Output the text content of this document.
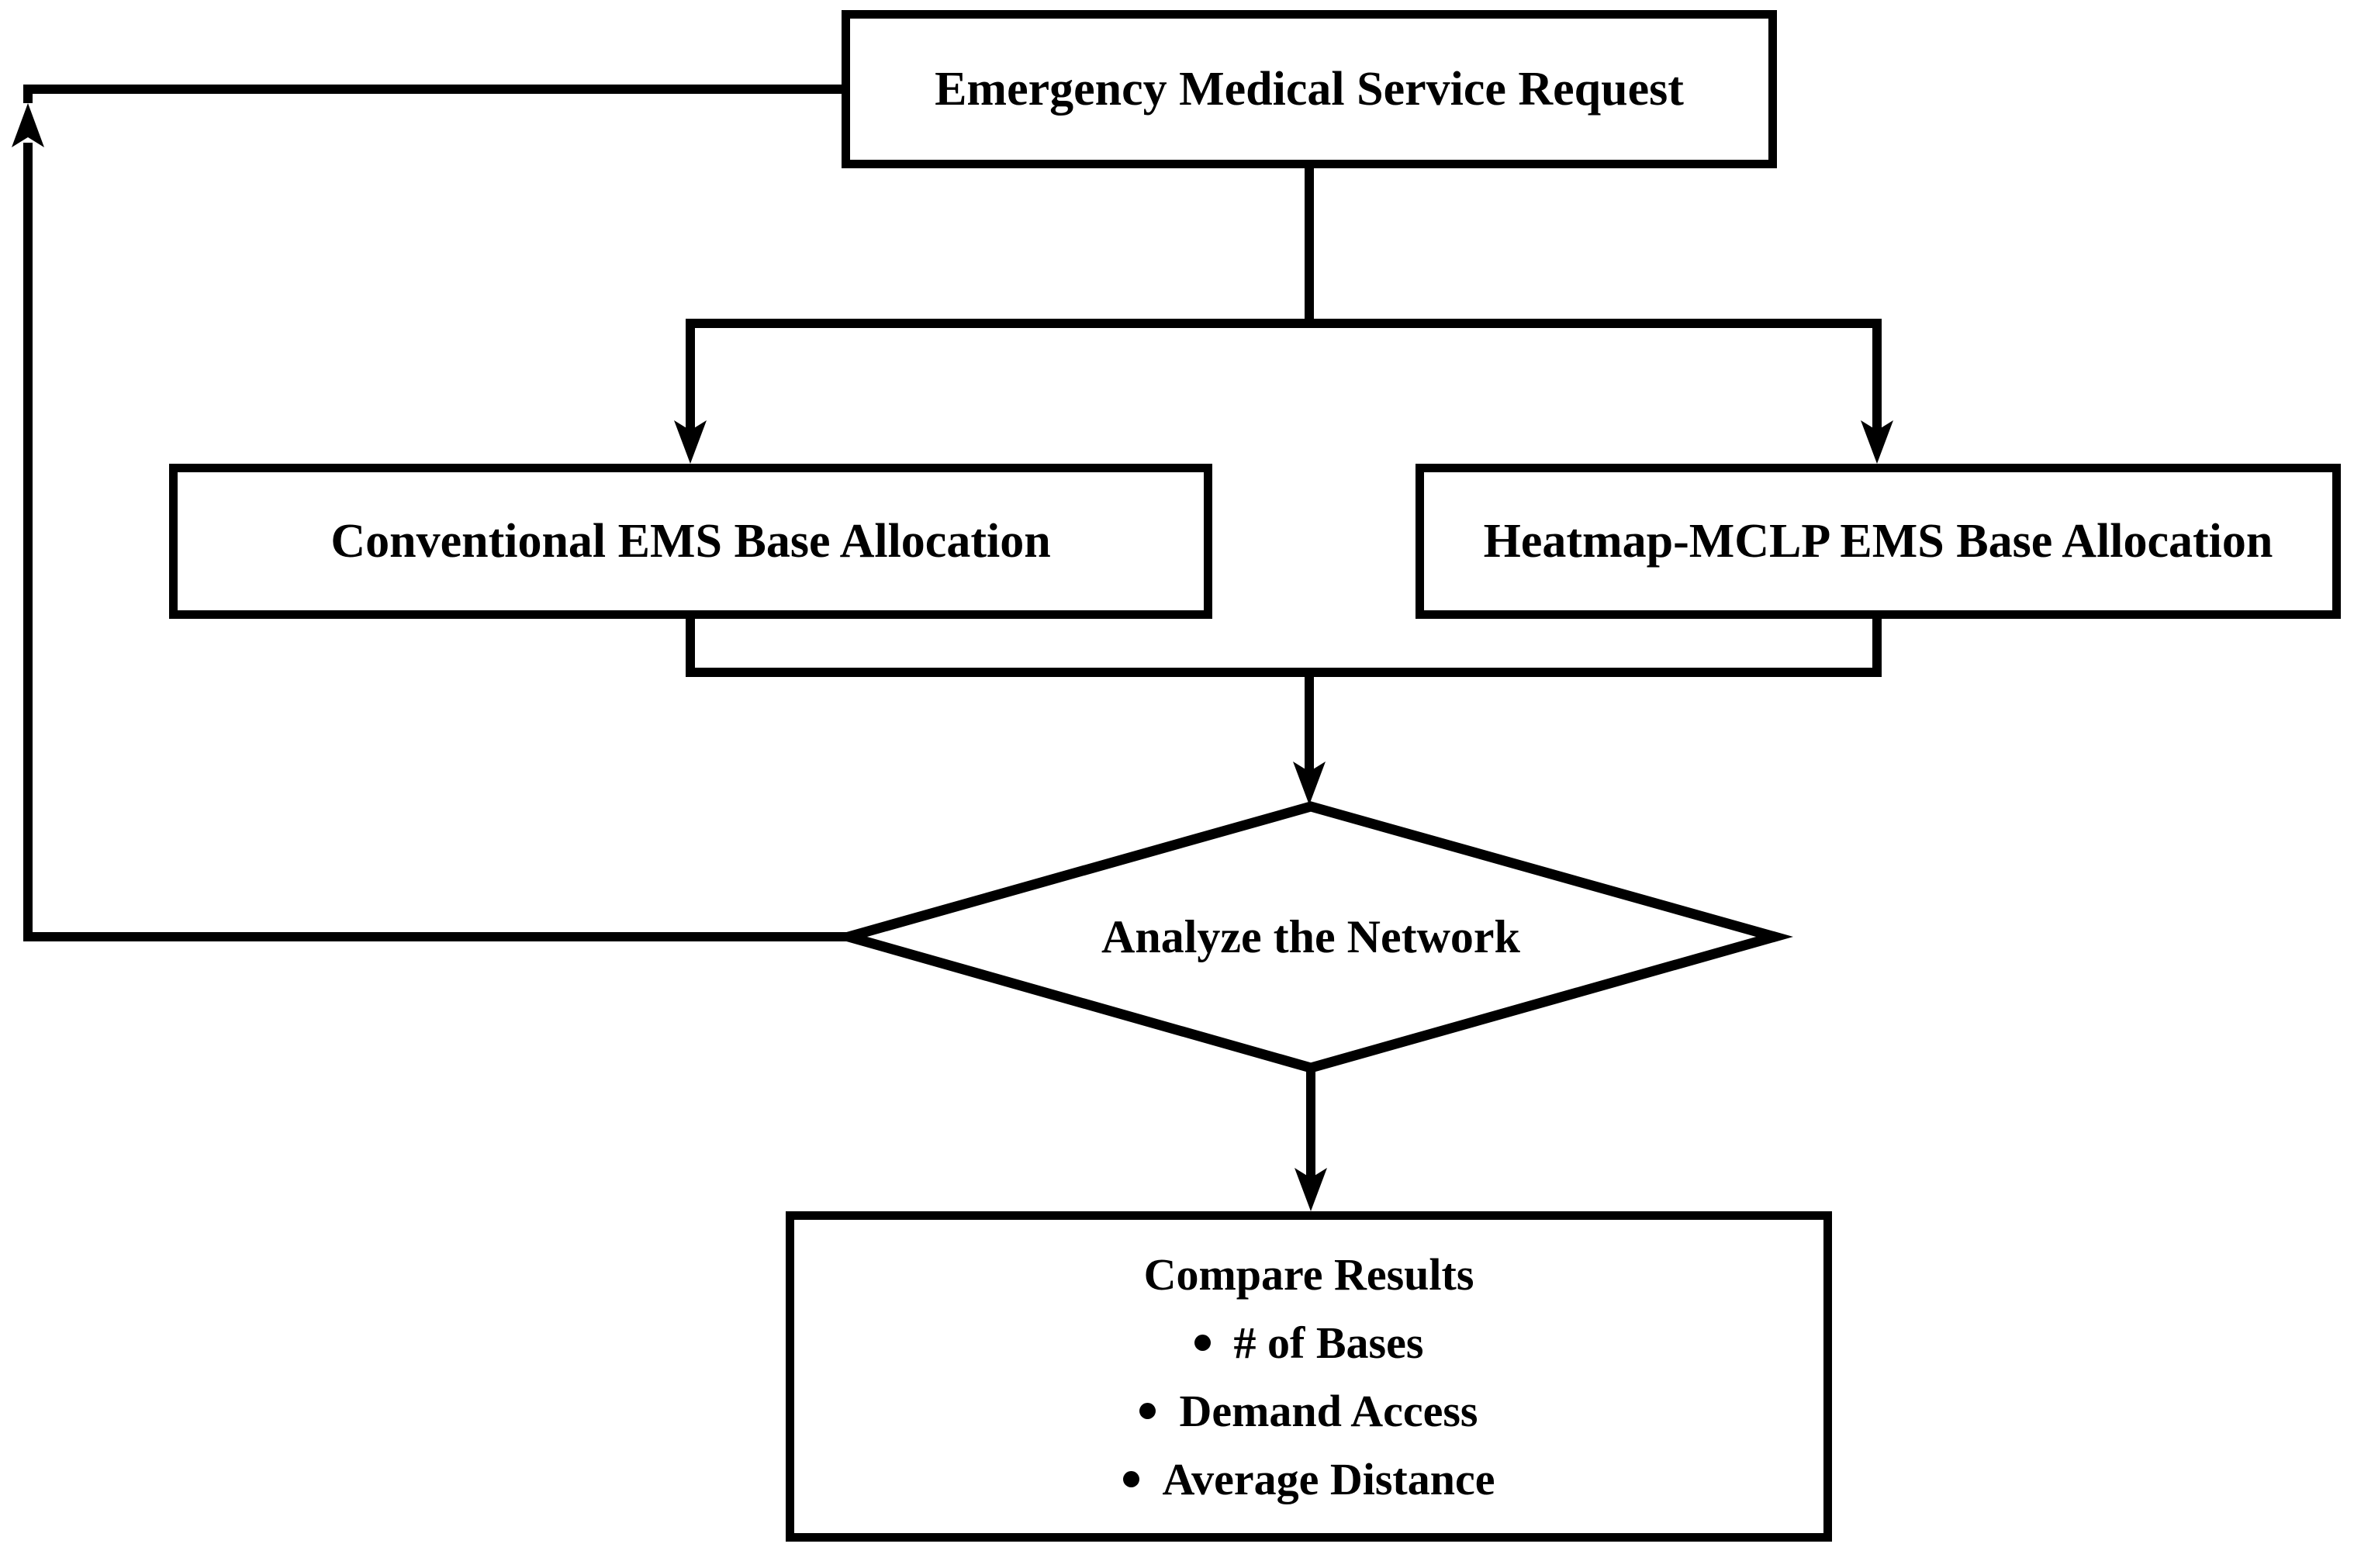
Emergency Medical Service Request
Conventional EMS Base Allocation	Heatmap-MCLP EMS Base Allocation
Analyze the Network
Compare Results
# of Bases
Demand Access
Average Distance
